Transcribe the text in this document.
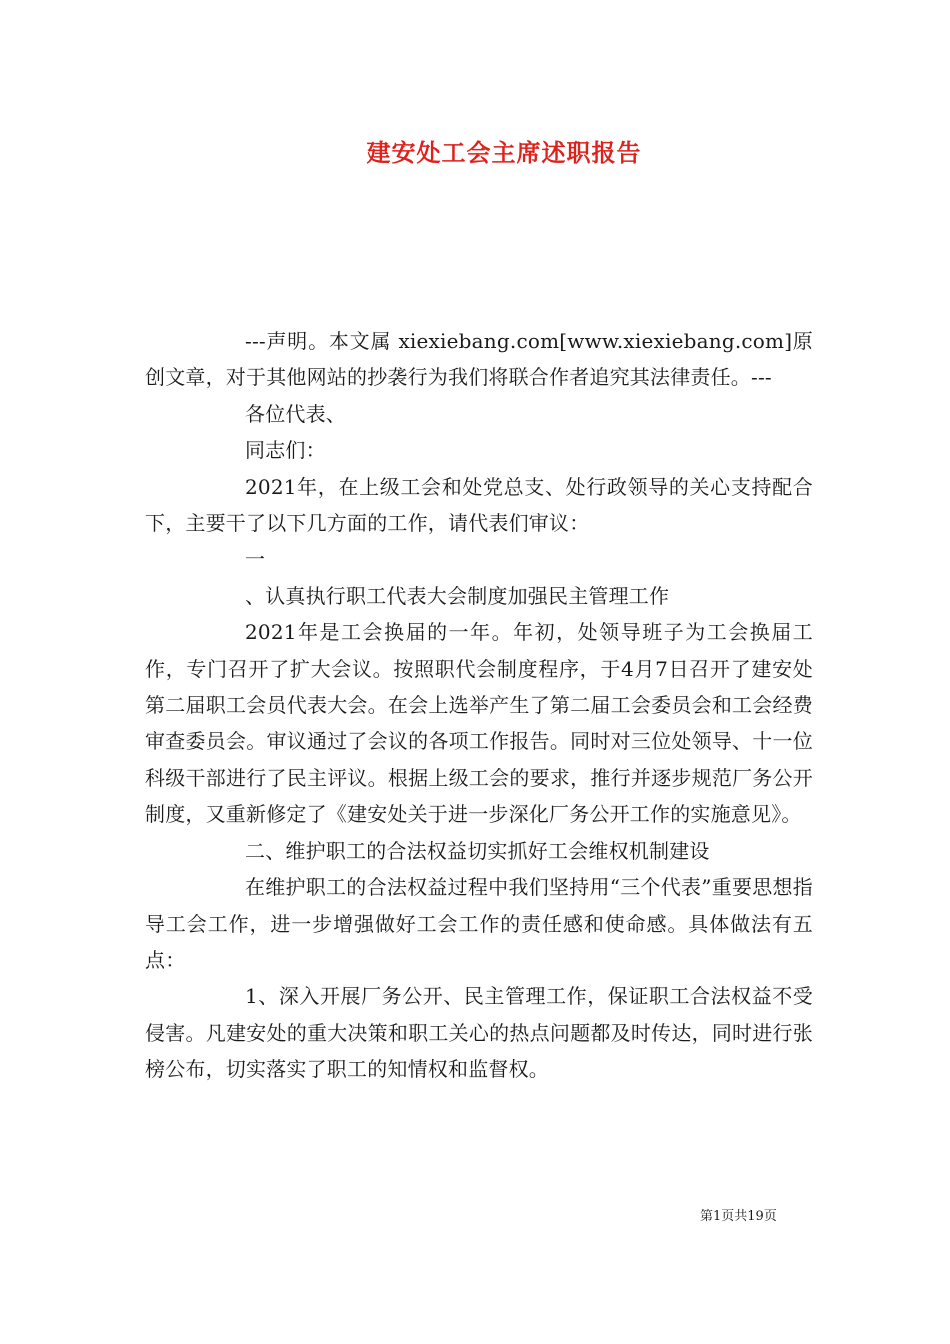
建安处工会主席述职报告

---声明。本文属 xiexiebang.com[www.xiexiebang.com]原创文章，对于其他网站的抄袭行为我们将联合作者追究其法律责任。---

各位代表、

同志们：

2021年，在上级工会和处党总支、处行政领导的关心支持配合下，主要干了以下几方面的工作，请代表们审议：

一

、认真执行职工代表大会制度加强民主管理工作

2021年是工会换届的一年。年初，处领导班子为工会换届工作，专门召开了扩大会议。按照职代会制度程序，于4月7日召开了建安处第二届职工会员代表大会。在会上选举产生了第二届工会委员会和工会经费审查委员会。审议通过了会议的各项工作报告。同时对三位处领导、十一位科级干部进行了民主评议。根据上级工会的要求，推行并逐步规范厂务公开制度，又重新修定了《建安处关于进一步深化厂务公开工作的实施意见》。

二、维护职工的合法权益切实抓好工会维权机制建设

在维护职工的合法权益过程中我们坚持用“三个代表”重要思想指导工会工作，进一步增强做好工会工作的责任感和使命感。具体做法有五点：

1、深入开展厂务公开、民主管理工作，保证职工合法权益不受侵害。凡建安处的重大决策和职工关心的热点问题都及时传达，同时进行张榜公布，切实落实了职工的知情权和监督权。

第1页共19页
